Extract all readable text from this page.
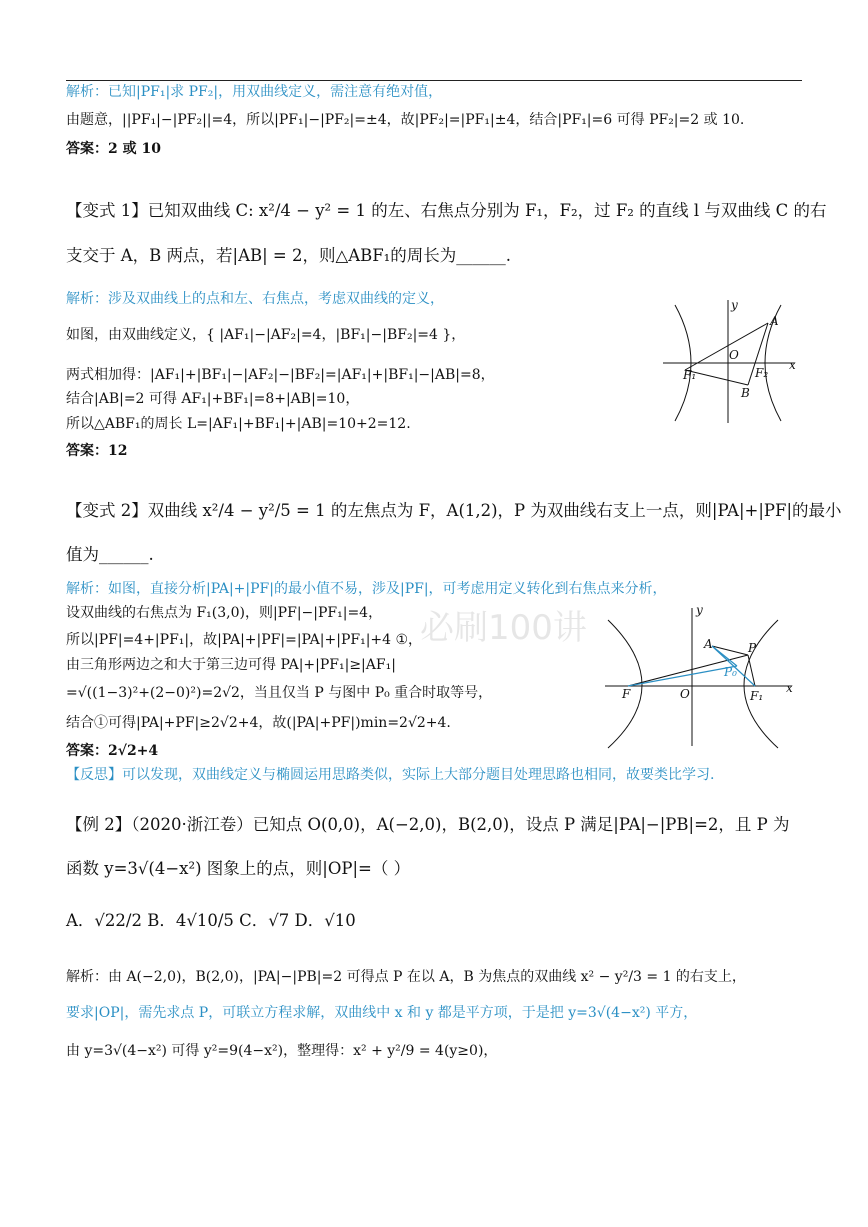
解析：已知|PF₁|求 PF₂|，用双曲线定义，需注意有绝对值，
由题意，||PF₁|−|PF₂||=4，所以|PF₁|−|PF₂|=±4，故|PF₂|=|PF₁|±4，结合|PF₁|=6 可得 PF₂|=2 或 10.
答案：2 或 10
【变式 1】已知双曲线 C: x²/4 − y² = 1 的左、右焦点分别为 F₁，F₂，过 F₂ 的直线 l 与双曲线 C 的右
支交于 A，B 两点，若|AB| = 2，则△ABF₁的周长为______.
解析：涉及双曲线上的点和左、右焦点，考虑双曲线的定义，
如图，由双曲线定义，{ |AF₁|−|AF₂|=4，|BF₁|−|BF₂|=4 }，
两式相加得：|AF₁|+|BF₁|−|AF₂|−|BF₂|=|AF₁|+|BF₁|−|AB|=8，
结合|AB|=2 可得 AF₁|+BF₁|=8+|AB|=10，
所以△ABF₁的周长 L=|AF₁|+BF₁|+|AB|=10+2=12.
答案：12
A
y
x
O
F₁	F₂
B
【变式 2】双曲线 x²/4 − y²/5 = 1 的左焦点为 F，A(1,2)，P 为双曲线右支上一点，则|PA|+|PF|的最小
值为______.
解析：如图，直接分析|PA|+|PF|的最小值不易，涉及|PF|，可考虑用定义转化到右焦点来分析，
设双曲线的右焦点为 F₁(3,0)，则|PF|−|PF₁|=4，
所以|PF|=4+|PF₁|，故|PA|+|PF|=|PA|+|PF₁|+4 ①，
由三角形两边之和大于第三边可得 PA|+|PF₁|≥|AF₁|
=√((1−3)²+(2−0)²)=2√2，当且仅当 P 与图中 P₀ 重合时取等号，
结合①可得|PA|+PF|≥2√2+4，故(|PA|+PF|)min=2√2+4.
答案：2√2+4
【反思】可以发现，双曲线定义与椭圆运用思路类似，实际上大部分题目处理思路也相同，故要类比学习.
必刷100讲	y
x
A	P
P₀
F	O	F₁
【例 2】（2020·浙江卷）已知点 O(0,0)，A(−2,0)，B(2,0)，设点 P 满足|PA|−|PB|=2，且 P 为
函数 y=3√(4−x²) 图象上的点，则|OP|=（ ）
A．√22/2 B．4√10/5 C．√7 D．√10
解析：由 A(−2,0)，B(2,0)，|PA|−|PB|=2 可得点 P 在以 A，B 为焦点的双曲线 x² − y²/3 = 1 的右支上，
要求|OP|，需先求点 P，可联立方程求解，双曲线中 x 和 y 都是平方项，于是把 y=3√(4−x²) 平方，
由 y=3√(4−x²) 可得 y²=9(4−x²)，整理得：x² + y²/9 = 4(y≥0)，
